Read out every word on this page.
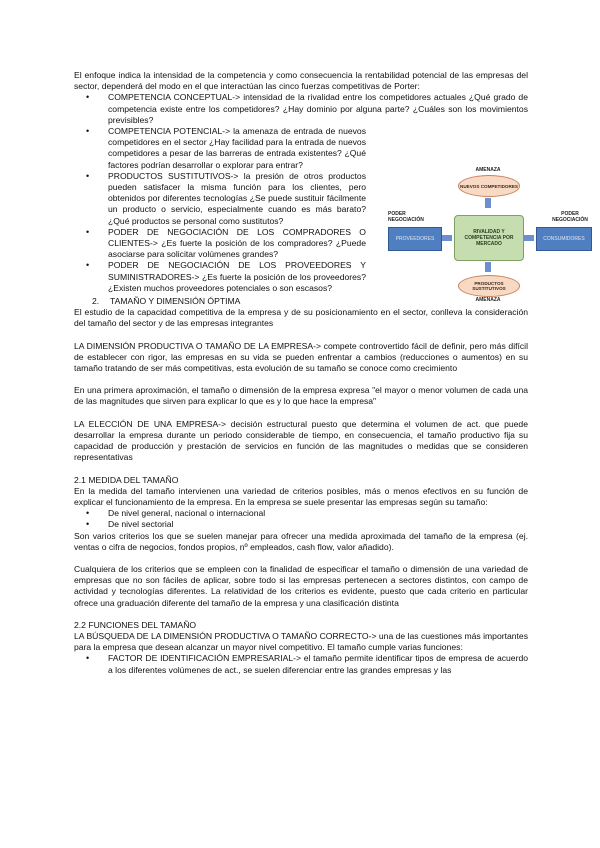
El enfoque indica la intensidad de la competencia y como consecuencia la rentabilidad potencial de las empresas del sector, dependerá del modo en el que interactúan las cinco fuerzas competitivas de Porter:

• COMPETENCIA CONCEPTUAL-> intensidad de la rivalidad entre los competidores actuales ¿Qué grado de competencia existe entre los competidores? ¿Hay dominio por alguna parte? ¿Cuáles son los movimientos previsibles?
• COMPETENCIA POTENCIAL-> la amenaza de entrada de nuevos competidores en el sector ¿Hay facilidad para la entrada de nuevos competidores a pesar de las barreras de entrada existentes? ¿Qué factores podrían desarrollar o explorar para entrar?
• PRODUCTOS SUSTITUTIVOS-> la presión de otros productos pueden satisfacer la misma función para los clientes, pero obtenidos por diferentes tecnologías ¿Se puede sustituir fácilmente un producto o servicio, especialmente cuando es más barato? ¿Qué productos se personal como sustitutos?
• PODER DE NEGOCIACIÓN DE LOS COMPRADORES O CLIENTES-> ¿Es fuerte la posición de los compradores? ¿Puede asociarse para solicitar volúmenes grandes?
• PODER DE NEGOCIACIÓN DE LOS PROVEEDORES Y SUMINISTRADORES-> ¿Es fuerte la posición de los proveedores? ¿Existen muchos proveedores potenciales o son escasos?
AMENAZA
NUEVOS COMPETIDORES
PODER NEGOCIACIÓN
PROVEEDORES
RIVALIDAD Y COMPETENCIA POR MERCADO
PODER NEGOCIACIÓN
CONSUMIDORES
PRODUCTOS SUSTITUTIVOS
AMENAZA
2. TAMAÑO Y DIMENSIÓN ÓPTIMA

El estudio de la capacidad competitiva de la empresa y de su posicionamiento en el sector, conlleva la consideración del tamaño del sector y de las empresas integrantes

LA DIMENSIÓN PRODUCTIVA O TAMAÑO DE LA EMPRESA-> compete controvertido fácil de definir, pero más difícil de establecer con rigor, las empresas en su vida se pueden enfrentar a cambios (reducciones o aumentos) en su tamaño tratando de ser más competitivas, esta evolución de su tamaño se conoce como crecimiento

En una primera aproximación, el tamaño o dimensión de la empresa expresa "el mayor o menor volumen de cada una de las magnitudes que sirven para explicar lo que es y lo que hace la empresa"

LA ELECCIÓN DE UNA EMPRESA-> decisión estructural puesto que determina el volumen de act. que puede desarrollar la empresa durante un periodo considerable de tiempo, en consecuencia, el tamaño productivo fija su capacidad de producción y prestación de servicios en función de las magnitudes o medidas que se consideren representativas

2.1 MEDIDA DEL TAMAÑO

En la medida del tamaño intervienen una variedad de criterios posibles, más o menos efectivos en su función de explicar el funcionamiento de la empresa. En la empresa se suele presentar las empresas según su tamaño:

• De nivel general, nacional o internacional
• De nivel sectorial

Son varios criterios los que se suelen manejar para ofrecer una medida aproximada del tamaño de la empresa (ej. ventas o cifra de negocios, fondos propios, nº empleados, cash flow, valor añadido).

Cualquiera de los criterios que se empleen con la finalidad de especificar el tamaño o dimensión de una variedad de empresas que no son fáciles de aplicar, sobre todo si las empresas pertenecen a sectores distintos, con campo de actividad y tecnologías diferentes. La relatividad de los criterios es evidente, puesto que cada criterio en particular ofrece una graduación diferente del tamaño de la empresa y una clasificación distinta

2.2 FUNCIONES DEL TAMAÑO

LA BÚSQUEDA DE LA DIMENSIÓN PRODUCTIVA O TAMAÑO CORRECTO-> una de las cuestiones más importantes para la empresa que desean alcanzar un mayor nivel competitivo. El tamaño cumple varias funciones:

• FACTOR DE IDENTIFICACIÓN EMPRESARIAL-> el tamaño permite identificar tipos de empresa de acuerdo a los diferentes volúmenes de act., se suelen diferenciar entre las grandes empresas y las
